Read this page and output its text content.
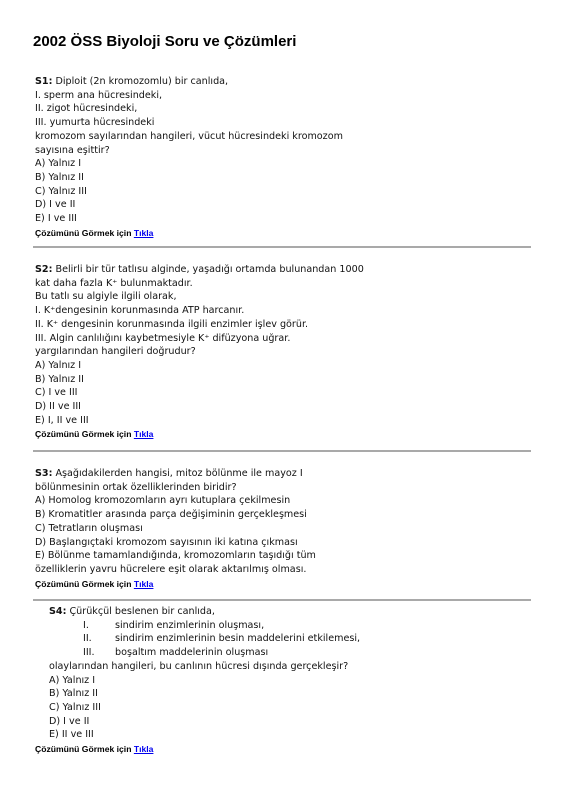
2002 ÖSS Biyoloji Soru ve Çözümleri
S1: Diploit (2n kromozomlu) bir canlıda,
I. sperm ana hücresindeki,
II. zigot hücresindeki,
III. yumurta hücresindeki
kromozom sayılarından hangileri, vücut hücresindeki kromozom
sayısına eşittir?
A) Yalnız I
B) Yalnız II
C) Yalnız III
D) I ve II
E) I ve III
Çözümünü Görmek için Tıkla
S2: Belirli bir tür tatlısu alginde, yaşadığı ortamda bulunandan 1000
kat daha fazla K⁺ bulunmaktadır.
Bu tatlı su algiyle ilgili olarak,
I. K⁺dengesinin korunmasında ATP harcanır.
II. K⁺ dengesinin korunmasında ilgili enzimler işlev görür.
III. Algin canlılığını kaybetmesiyle K⁺ difüzyona uğrar.
yargılarından hangileri doğrudur?
A) Yalnız I
B) Yalnız II
C) I ve III
D) II ve III
E) I, II ve III
Çözümünü Görmek için Tıkla
S3: Aşağıdakilerden hangisi, mitoz bölünme ile mayoz I
bölünmesinin ortak özelliklerinden biridir?
A) Homolog kromozomların ayrı kutuplara çekilmesin
B) Kromatitler arasında parça değişiminin gerçekleşmesi
C) Tetratların oluşması
D) Başlangıçtaki kromozom sayısının iki katına çıkması
E) Bölünme tamamlandığında, kromozomların taşıdığı tüm
özelliklerin yavru hücrelere eşit olarak aktarılmış olması.
Çözümünü Görmek için Tıkla
S4: Çürükçül beslenen bir canlıda,
I.	sindirim enzimlerinin oluşması,
II. sindirim enzimlerinin besin maddelerini etkilemesi,
III. boşaltım maddelerinin oluşması
olaylarından hangileri, bu canlının hücresi dışında gerçekleşir?
A) Yalnız I
B) Yalnız II
C) Yalnız III
D) I ve II
E) II ve III
Çözümünü Görmek için Tıkla
